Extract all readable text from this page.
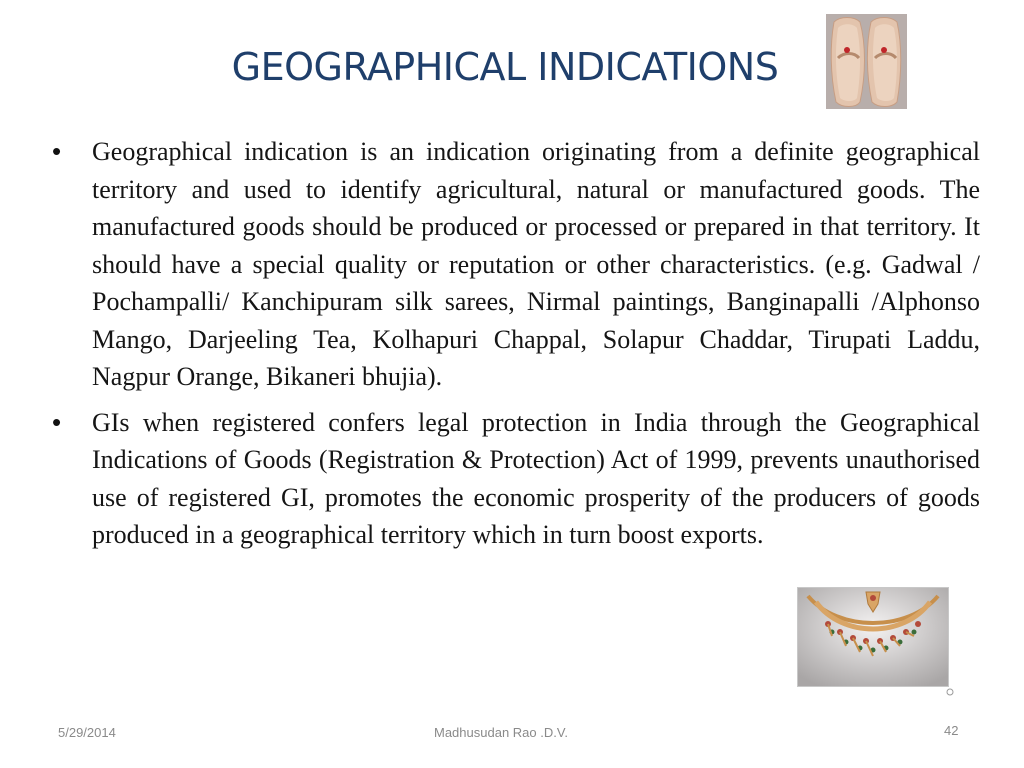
GEOGRAPHICAL INDICATIONS
• Geographical indication is an indication originating from a definite geographical territory and used to identify agricultural, natural or manufactured goods. The manufactured goods should be produced or processed or prepared in that territory. It should have a special quality or reputation or other characteristics. (e.g. Gadwal / Pochampalli/ Kanchipuram silk sarees, Nirmal paintings, Banginapalli /Alphonso Mango, Darjeeling Tea, Kolhapuri Chappal, Solapur Chaddar, Tirupati Laddu, Nagpur Orange, Bikaneri bhujia).
• GIs when registered confers legal protection in India through the Geographical Indications of Goods (Registration & Protection) Act of 1999, prevents unauthorised use of registered GI, promotes the economic prosperity of the producers of goods produced in a geographical territory which in turn boost exports.
5/29/2014	Madhusudan Rao .D.V.	42
